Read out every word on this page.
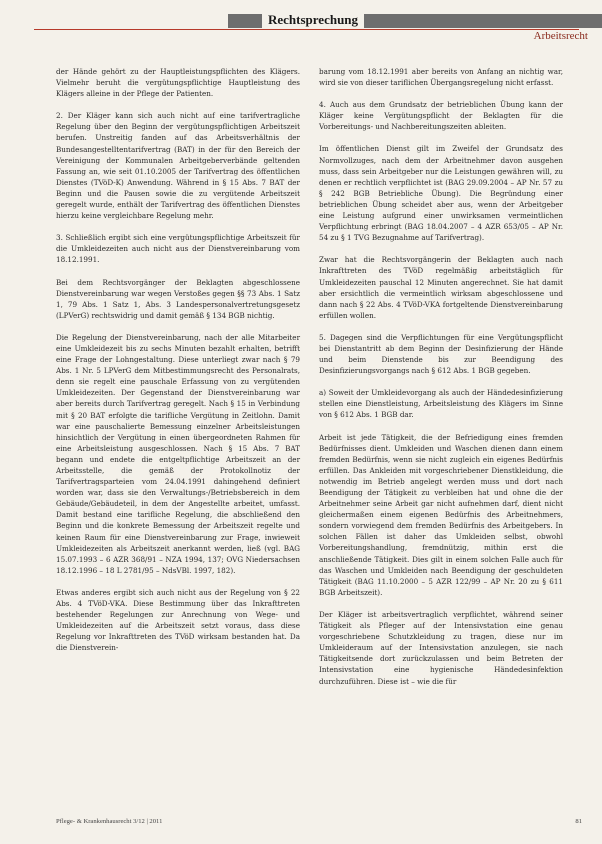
Rechtsprechung
Arbeitsrecht

der Hände gehört zu der Hauptleistungspflichten des Klägers. Vielmehr beruht die vergütungspflichtige Hauptleistung des Klägers alleine in der Pflege der Patienten.

2. Der Kläger kann sich auch nicht auf eine tarifvertragliche Regelung über den Beginn der vergütungspflichtigen Arbeitszeit berufen. Unstreitig fanden auf das Arbeitsverhältnis der Bundesangestelltentarifvertrag (BAT) in der für den Bereich der Vereinigung der Kommunalen Arbeitgeberverbände geltenden Fassung an, wie seit 01.10.2005 der Tarifvertrag des öffentlichen Dienstes (TVöD-K) Anwendung. Während in § 15 Abs. 7 BAT der Beginn und die Pausen sowie die zu vergütende Arbeitszeit geregelt wurde, enthält der Tarifvertrag des öffentlichen Dienstes hierzu keine vergleichbare Regelung mehr.

3. Schließlich ergibt sich eine vergütungspflichtige Arbeitszeit für die Umkleidezeiten auch nicht aus der Dienstvereinbarung vom 18.12.1991.

Bei dem Rechtsvorgänger der Beklagten abgeschlossene Dienstvereinbarung war wegen Verstoßes gegen §§ 73 Abs. 1 Satz 1, 79 Abs. 1 Satz 1, Abs. 3 Landespersonalvertretungsgesetz (LPVerG) rechtswidrig und damit gemäß § 134 BGB nichtig.

Die Regelung der Dienstvereinbarung, nach der alle Mitarbeiter eine Umkleidezeit bis zu sechs Minuten bezahlt erhalten, betrifft eine Frage der Lohngestaltung. Diese unterliegt zwar nach § 79 Abs. 1 Nr. 5 LPVerG dem Mitbestimmungsrecht des Personalrats, denn sie regelt eine pauschale Erfassung von zu vergütenden Umkleidezeiten. Der Gegenstand der Dienstvereinbarung war aber bereits durch Tarifvertrag geregelt. Nach § 15 in Verbindung mit § 20 BAT erfolgte die tarifliche Vergütung in Zeitlohn. Damit war eine pauschalierte Bemessung einzelner Arbeitsleistungen hinsichtlich der Vergütung in einen übergeordneten Rahmen für eine Arbeitsleistung ausgeschlossen. Nach § 15 Abs. 7 BAT begann und endete die entgeltpflichtige Arbeitszeit an der Arbeitsstelle, die gemäß der Protokollnotiz der Tarifvertragsparteien vom 24.04.1991 dahingehend definiert worden war, dass sie den Verwaltungs-/Betriebsbereich in dem Gebäude/Gebäudeteil, in dem der Angestellte arbeitet, umfasst. Damit bestand eine tarifliche Regelung, die abschließend den Beginn und die konkrete Bemessung der Arbeitszeit regelte und keinen Raum für eine Dienstvereinbarung zur Frage, inwieweit Umkleidezeiten als Arbeitszeit anerkannt werden, ließ (vgl. BAG 15.07.1993 – 6 AZR 368/91 – NZA 1994, 137; OVG Niedersachsen 18.12.1996 – 18 L 2781/95 – NdsVBl. 1997, 182).

Etwas anderes ergibt sich auch nicht aus der Regelung von § 22 Abs. 4 TVöD-VKA. Diese Bestimmung über das Inkrafttreten bestehender Regelungen zur Anrechnung von Wege- und Umkleidezeiten auf die Arbeitszeit setzt voraus, dass diese Regelung vor Inkrafttreten des TVöD wirksam bestanden hat. Da die Dienstverein-

barung vom 18.12.1991 aber bereits von Anfang an nichtig war, wird sie von dieser tariflichen Übergangsregelung nicht erfasst.

4. Auch aus dem Grundsatz der betrieblichen Übung kann der Kläger keine Vergütungspflicht der Beklagten für die Vorbereitungs- und Nachbereitungszeiten ableiten.

Im öffentlichen Dienst gilt im Zweifel der Grundsatz des Normvollzuges, nach dem der Arbeitnehmer davon ausgehen muss, dass sein Arbeitgeber nur die Leistungen gewähren will, zu denen er rechtlich verpflichtet ist (BAG 29.09.2004 – AP Nr. 57 zu § 242 BGB Betriebliche Übung). Die Begründung einer betrieblichen Übung scheidet aber aus, wenn der Arbeitgeber eine Leistung aufgrund einer unwirksamen vermeintlichen Verpflichtung erbringt (BAG 18.04.2007 – 4 AZR 653/05 – AP Nr. 54 zu § 1 TVG Bezugnahme auf Tarifvertrag).

Zwar hat die Rechtsvorgängerin der Beklagten auch nach Inkrafttreten des TVöD regelmäßig arbeitstäglich für Umkleidezeiten pauschal 12 Minuten angerechnet. Sie hat damit aber ersichtlich die vermeintlich wirksam abgeschlossene und dann nach § 22 Abs. 4 TVöD-VKA fortgeltende Dienstvereinbarung erfüllen wollen.

5. Dagegen sind die Verpflichtungen für eine Vergütungspflicht bei Dienstantritt ab dem Beginn der Desinfizierung der Hände und beim Dienstende bis zur Beendigung des Desinfizierungsvorgangs nach § 612 Abs. 1 BGB gegeben.

a) Soweit der Umkleidevorgang als auch der Händedesinfizierung stellen eine Dienstleistung, Arbeitsleistung des Klägers im Sinne von § 612 Abs. 1 BGB dar.

Arbeit ist jede Tätigkeit, die der Befriedigung eines fremden Bedürfnisses dient. Umkleiden und Waschen dienen dann einem fremden Bedürfnis, wenn sie nicht zugleich ein eigenes Bedürfnis erfüllen. Das Ankleiden mit vorgeschriebener Dienstkleidung, die notwendig im Betrieb angelegt werden muss und dort nach Beendigung der Tätigkeit zu verbleiben hat und ohne die der Arbeitnehmer seine Arbeit gar nicht aufnehmen darf, dient nicht gleichermaßen einem eigenen Bedürfnis des Arbeitnehmers, sondern vorwiegend dem fremden Bedürfnis des Arbeitgebers. In solchen Fällen ist daher das Umkleiden selbst, obwohl Vorbereitungshandlung, fremdnützig, mithin erst die anschließende Tätigkeit. Dies gilt in einem solchen Falle auch für das Waschen und Umkleiden nach Beendigung der geschuldeten Tätigkeit (BAG 11.10.2000 – 5 AZR 122/99 – AP Nr. 20 zu § 611 BGB Arbeitszeit).

Der Kläger ist arbeitsvertraglich verpflichtet, während seiner Tätigkeit als Pfleger auf der Intensivstation eine genau vorgeschriebene Schutzkleidung zu tragen, diese nur im Umkleideraum auf der Intensivstation anzulegen, sie nach Tätigkeitsende dort zurückzulassen und beim Betreten der Intensivstation eine hygienische Händedesinfektion durchzuführen. Diese ist – wie die für

Pflege- & Krankenhausrecht 3/12 | 2011	81
